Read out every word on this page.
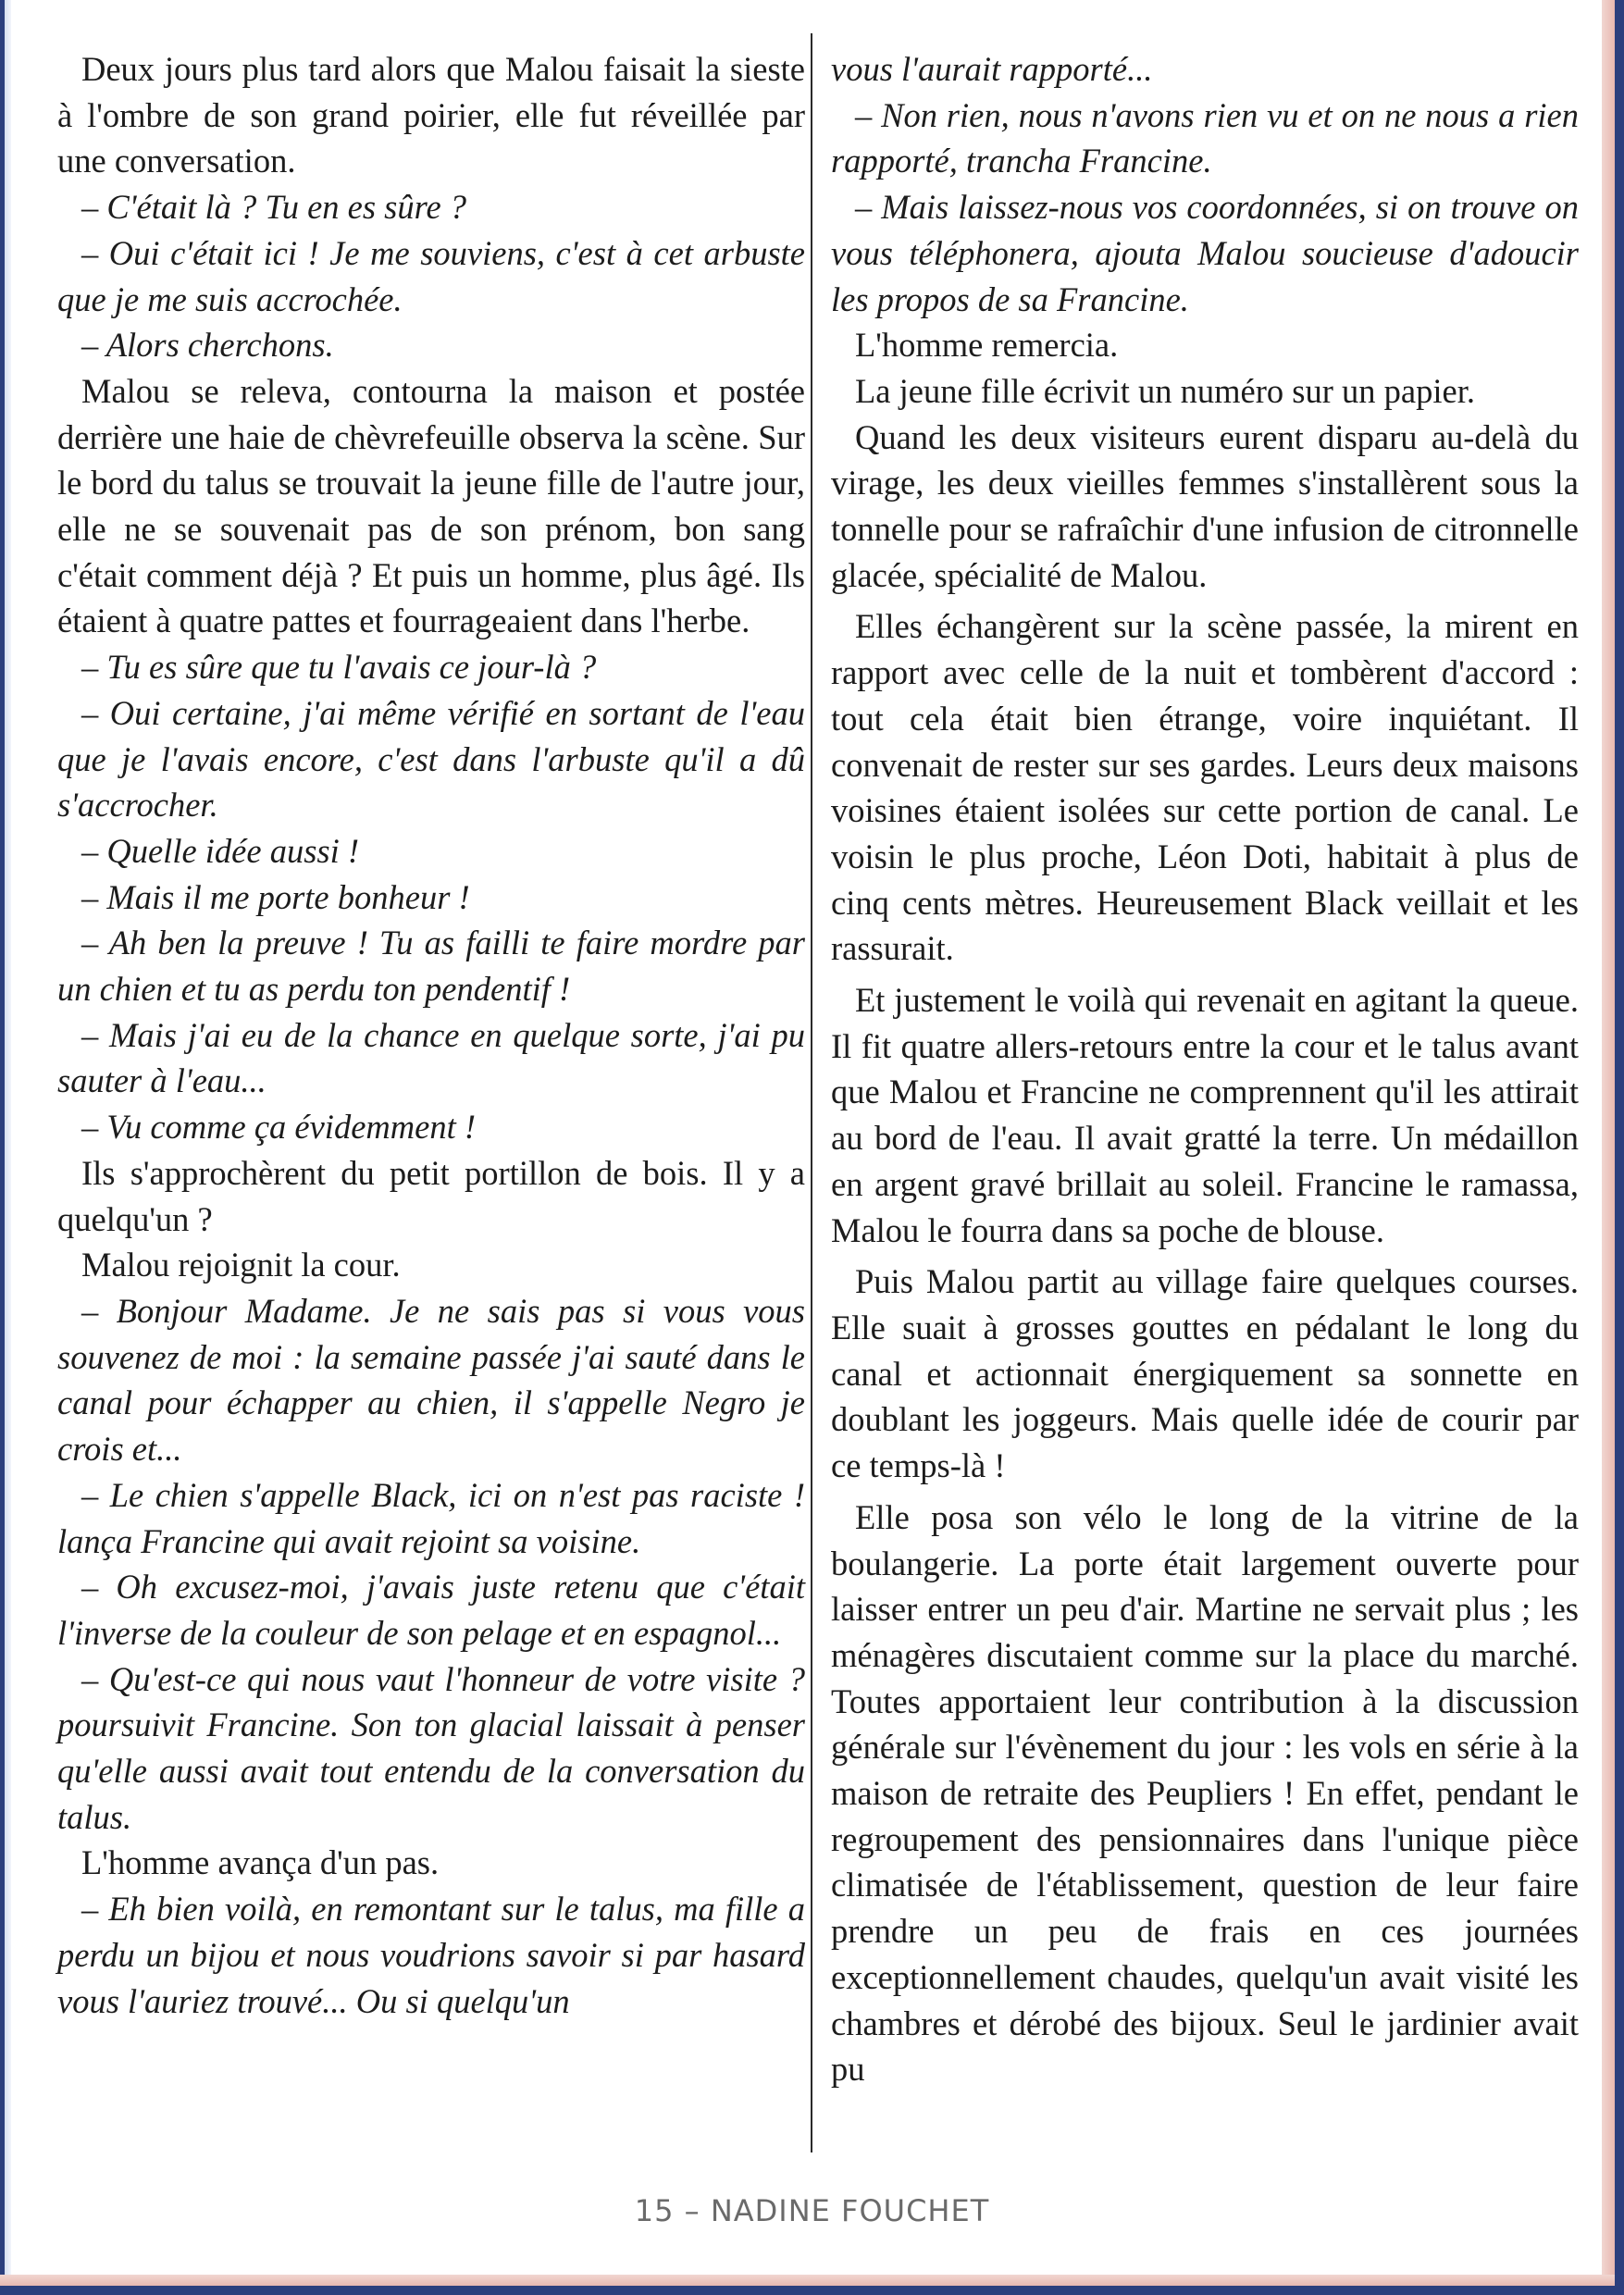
Deux jours plus tard alors que Malou faisait la sieste à l'ombre de son grand poirier, elle fut réveillée par une conversation.

– C'était là ? Tu en es sûre ?

– Oui c'était ici ! Je me souviens, c'est à cet arbuste que je me suis accrochée.

– Alors cherchons.

Malou se releva, contourna la maison et postée derrière une haie de chèvrefeuille observa la scène. Sur le bord du talus se trouvait la jeune fille de l'autre jour, elle ne se souvenait pas de son prénom, bon sang c'était comment déjà ? Et puis un homme, plus âgé. Ils étaient à quatre pattes et fourrageaient dans l'herbe.

– Tu es sûre que tu l'avais ce jour-là ?

– Oui certaine, j'ai même vérifié en sortant de l'eau que je l'avais encore, c'est dans l'arbuste qu'il a dû s'accrocher.

– Quelle idée aussi !

– Mais il me porte bonheur !

– Ah ben la preuve ! Tu as failli te faire mordre par un chien et tu as perdu ton pendentif !

– Mais j'ai eu de la chance en quelque sorte, j'ai pu sauter à l'eau...

– Vu comme ça évidemment !

Ils s'approchèrent du petit portillon de bois. Il y a quelqu'un ?

Malou rejoignit la cour.

– Bonjour Madame. Je ne sais pas si vous vous souvenez de moi : la semaine passée j'ai sauté dans le canal pour échapper au chien, il s'appelle Negro je crois et...

– Le chien s'appelle Black, ici on n'est pas raciste ! lança Francine qui avait rejoint sa voisine.

– Oh excusez-moi, j'avais juste retenu que c'était l'inverse de la couleur de son pelage et en espagnol...

– Qu'est-ce qui nous vaut l'honneur de votre visite ? poursuivit Francine. Son ton glacial laissait à penser qu'elle aussi avait tout entendu de la conversation du talus.

L'homme avança d'un pas.

– Eh bien voilà, en remontant sur le talus, ma fille a perdu un bijou et nous voudrions savoir si par hasard vous l'auriez trouvé... Ou si quelqu'un

vous l'aurait rapporté...

– Non rien, nous n'avons rien vu et on ne nous a rien rapporté, trancha Francine.

– Mais laissez-nous vos coordonnées, si on trouve on vous téléphonera, ajouta Malou soucieuse d'adoucir les propos de sa Francine.

L'homme remercia.

La jeune fille écrivit un numéro sur un papier.

Quand les deux visiteurs eurent disparu au-delà du virage, les deux vieilles femmes s'installèrent sous la tonnelle pour se rafraîchir d'une infusion de citronnelle glacée, spécialité de Malou.

Elles échangèrent sur la scène passée, la mirent en rapport avec celle de la nuit et tombèrent d'accord : tout cela était bien étrange, voire inquiétant. Il convenait de rester sur ses gardes. Leurs deux maisons voisines étaient isolées sur cette portion de canal. Le voisin le plus proche, Léon Doti, habitait à plus de cinq cents mètres. Heureusement Black veillait et les rassurait.

Et justement le voilà qui revenait en agitant la queue. Il fit quatre allers-retours entre la cour et le talus avant que Malou et Francine ne comprennent qu'il les attirait au bord de l'eau. Il avait gratté la terre. Un médaillon en argent gravé brillait au soleil. Francine le ramassa, Malou le fourra dans sa poche de blouse.

Puis Malou partit au village faire quelques courses. Elle suait à grosses gouttes en pédalant le long du canal et actionnait énergiquement sa sonnette en doublant les joggeurs. Mais quelle idée de courir par ce temps-là !

Elle posa son vélo le long de la vitrine de la boulangerie. La porte était largement ouverte pour laisser entrer un peu d'air. Martine ne servait plus ; les ménagères discutaient comme sur la place du marché. Toutes apportaient leur contribution à la discussion générale sur l'évènement du jour : les vols en série à la maison de retraite des Peupliers ! En effet, pendant le regroupement des pensionnaires dans l'unique pièce climatisée de l'établissement, question de leur faire prendre un peu de frais en ces journées exceptionnellement chaudes, quelqu'un avait visité les chambres et dérobé des bijoux. Seul le jardinier avait pu

15 – NADINE FOUCHET
